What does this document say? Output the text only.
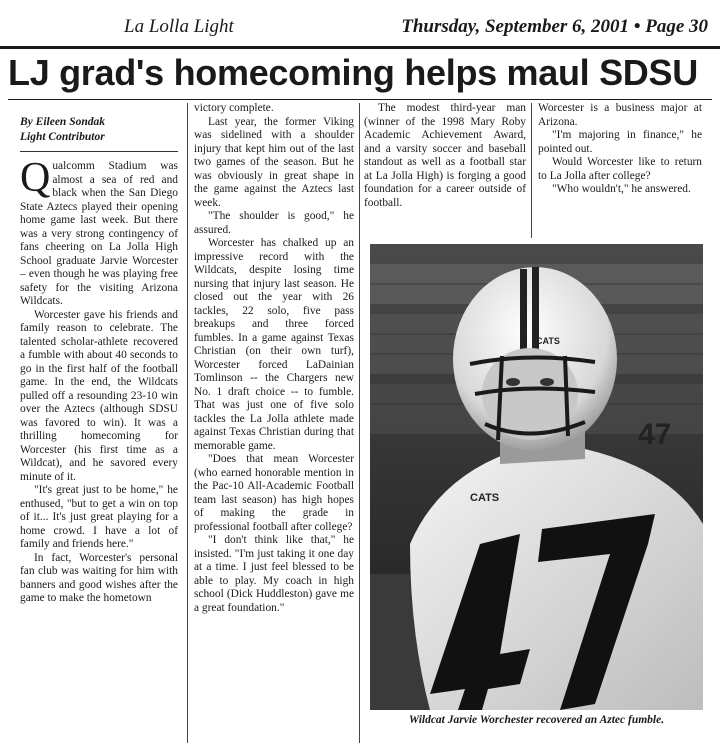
La Lolla Light	Thursday, September 6, 2001 • Page 30
LJ grad's homecoming helps maul SDSU
By Eileen Sondak
Light Contributor

Qualcomm Stadium was almost a sea of red and black when the San Diego State Aztecs played their opening home game last week. But there was a very strong contingency of fans cheering on La Jolla High School graduate Jarvie Worcester – even though he was playing free safety for the visiting Arizona Wildcats.

Worcester gave his friends and family reason to celebrate. The talented scholar-athlete recovered a fumble with about 40 seconds to go in the first half of the football game. In the end, the Wildcats pulled off a resounding 23-10 win over the Aztecs (although SDSU was favored to win). It was a thrilling homecoming for Worcester (his first time as a Wildcat), and he savored every minute of it.

"It's great just to be home," he enthused, "but to get a win on top of it... It's just great playing for a home crowd. I have a lot of family and friends here."

In fact, Worcester's personal fan club was waiting for him with banners and good wishes after the game to make the hometown

victory complete.

Last year, the former Viking was sidelined with a shoulder injury that kept him out of the last two games of the season. But he was obviously in great shape in the game against the Aztecs last week.

"The shoulder is good," he assured.

Worcester has chalked up an impressive record with the Wildcats, despite losing time nursing that injury last season. He closed out the year with 26 tackles, 22 solo, five pass breakups and three forced fumbles. In a game against Texas Christian (on their own turf), Worcester forced LaDainian Tomlinson -- the Chargers new No. 1 draft choice -- to fumble. That was just one of five solo tackles the La Jolla athlete made against Texas Christian during that memorable game.

"Does that mean Worcester (who earned honorable mention in the Pac-10 All-Academic Football team last season) has high hopes of making the grade in professional football after college?

"I don't think like that," he insisted. "I'm just taking it one day at a time. I just feel blessed to be able to play. My coach in high school (Dick Huddleston) gave me a great foundation."

The modest third-year man (winner of the 1998 Mary Roby Academic Achievement Award, and a varsity soccer and baseball standout as well as a football star at La Jolla High) is forging a good foundation for a career outside of football.

Worcester is a business major at Arizona.

"I'm majoring in finance," he pointed out.

Would Worcester like to return to La Jolla after college?

"Who wouldn't," he answered.

CATS
CATS
47
Wildcat Jarvie Worchester recovered an Aztec fumble.
